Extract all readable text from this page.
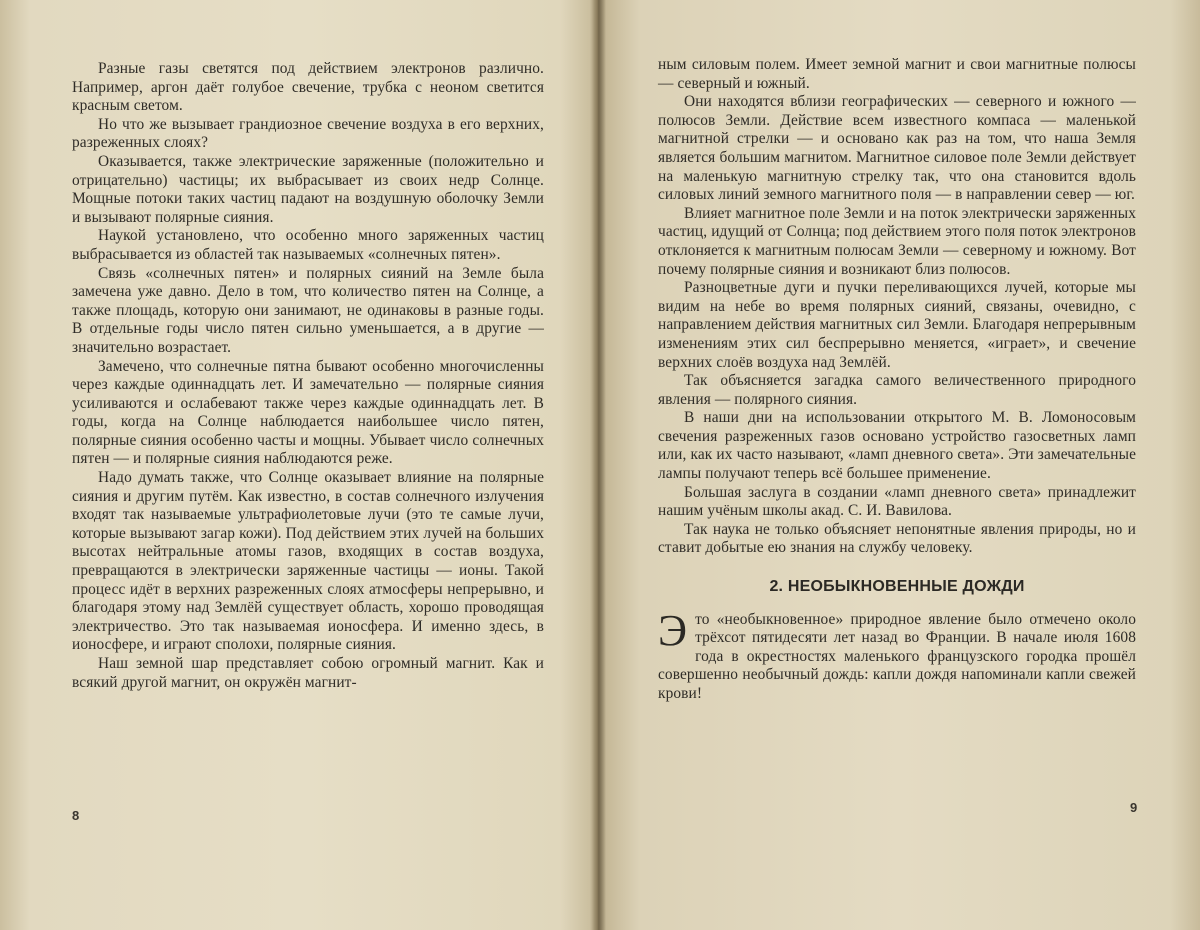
Разные газы светятся под действием электронов различно. Например, аргон даёт голубое свечение, трубка с неоном светится красным светом.

Но что же вызывает грандиозное свечение воздуха в его верхних, разреженных слоях?

Оказывается, также электрические заряженные (положительно и отрицательно) частицы; их выбрасывает из своих недр Солнце. Мощные потоки таких частиц падают на воздушную оболочку Земли и вызывают полярные сияния.

Наукой установлено, что особенно много заряженных частиц выбрасывается из областей так называемых «солнечных пятен».

Связь «солнечных пятен» и полярных сияний на Земле была замечена уже давно. Дело в том, что количество пятен на Солнце, а также площадь, которую они занимают, не одинаковы в разные годы. В отдельные годы число пятен сильно уменьшается, а в другие — значительно возрастает.

Замечено, что солнечные пятна бывают особенно многочисленны через каждые одиннадцать лет. И замечательно — полярные сияния усиливаются и ослабевают также через каждые одиннадцать лет. В годы, когда на Солнце наблюдается наибольшее число пятен, полярные сияния особенно часты и мощны. Убывает число солнечных пятен — и полярные сияния наблюдаются реже.

Надо думать также, что Солнце оказывает влияние на полярные сияния и другим путём. Как известно, в состав солнечного излучения входят так называемые ультрафиолетовые лучи (это те самые лучи, которые вызывают загар кожи). Под действием этих лучей на больших высотах нейтральные атомы газов, входящих в состав воздуха, превращаются в электрически заряженные частицы — ионы. Такой процесс идёт в верхних разреженных слоях атмосферы непрерывно, и благодаря этому над Землёй существует область, хорошо проводящая электричество. Это так называемая ионосфера. И именно здесь, в ионосфере, и играют сполохи, полярные сияния.

Наш земной шар представляет собою огромный магнит. Как и всякий другой магнит, он окружён магнит-

8

ным силовым полем. Имеет земной магнит и свои магнитные полюсы — северный и южный.

Они находятся вблизи географических — северного и южного — полюсов Земли. Действие всем известного компаса — маленькой магнитной стрелки — и основано как раз на том, что наша Земля является большим магнитом. Магнитное силовое поле Земли действует на маленькую магнитную стрелку так, что она становится вдоль силовых линий земного магнитного поля — в направлении север — юг.

Влияет магнитное поле Земли и на поток электрически заряженных частиц, идущий от Солнца; под действием этого поля поток электронов отклоняется к магнитным полюсам Земли — северному и южному. Вот почему полярные сияния и возникают близ полюсов.

Разноцветные дуги и пучки переливающихся лучей, которые мы видим на небе во время полярных сияний, связаны, очевидно, с направлением действия магнитных сил Земли. Благодаря непрерывным изменениям этих сил беспрерывно меняется, «играет», и свечение верхних слоёв воздуха над Землёй.

Так объясняется загадка самого величественного природного явления — полярного сияния.

В наши дни на использовании открытого М. В. Ломоносовым свечения разреженных газов основано устройство газосветных ламп или, как их часто называют, «ламп дневного света». Эти замечательные лампы получают теперь всё большее применение.

Большая заслуга в создании «ламп дневного света» принадлежит нашим учёным школы акад. С. И. Вавилова.

Так наука не только объясняет непонятные явления природы, но и ставит добытые ею знания на службу человеку.

2. НЕОБЫКНОВЕННЫЕ ДОЖДИ

Это «необыкновенное» природное явление было отмечено около трёхсот пятидесяти лет назад во Франции. В начале июля 1608 года в окрестностях маленького французского городка прошёл совершенно необычный дождь: капли дождя напоминали капли свежей крови!

9
